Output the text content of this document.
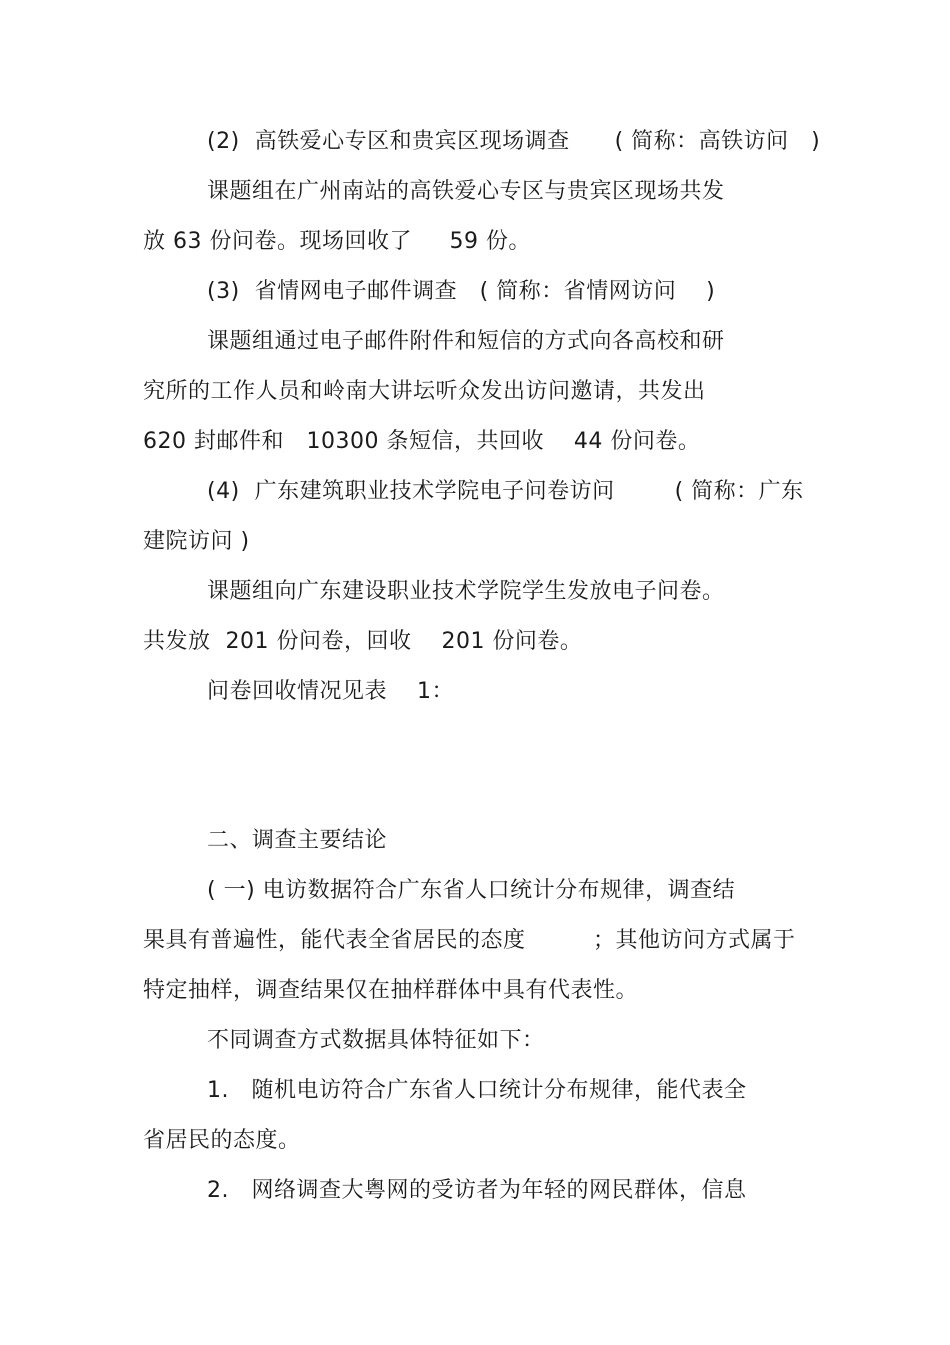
(2)  高铁爱心专区和贵宾区现场调查      ( 简称：高铁访问   )
课题组在广州南站的高铁爱心专区与贵宾区现场共发
放 63 份问卷。现场回收了     59 份。
(3)  省情网电子邮件调查   ( 简称：省情网访问    )
课题组通过电子邮件附件和短信的方式向各高校和研
究所的工作人员和岭南大讲坛听众发出访问邀请，共发出
620 封邮件和   10300 条短信，共回收    44 份问卷。
(4)  广东建筑职业技术学院电子问卷访问        ( 简称：广东
建院访问 )
课题组向广东建设职业技术学院学生发放电子问卷。
共发放  201 份问卷，回收    201 份问卷。
问卷回收情况见表    1：
二、调查主要结论
( 一) 电访数据符合广东省人口统计分布规律，调查结
果具有普遍性，能代表全省居民的态度         ；其他访问方式属于
特定抽样，调查结果仅在抽样群体中具有代表性。
不同调查方式数据具体特征如下：
1.   随机电访符合广东省人口统计分布规律，能代表全
省居民的态度。
2.   网络调查大粤网的受访者为年轻的网民群体，信息
